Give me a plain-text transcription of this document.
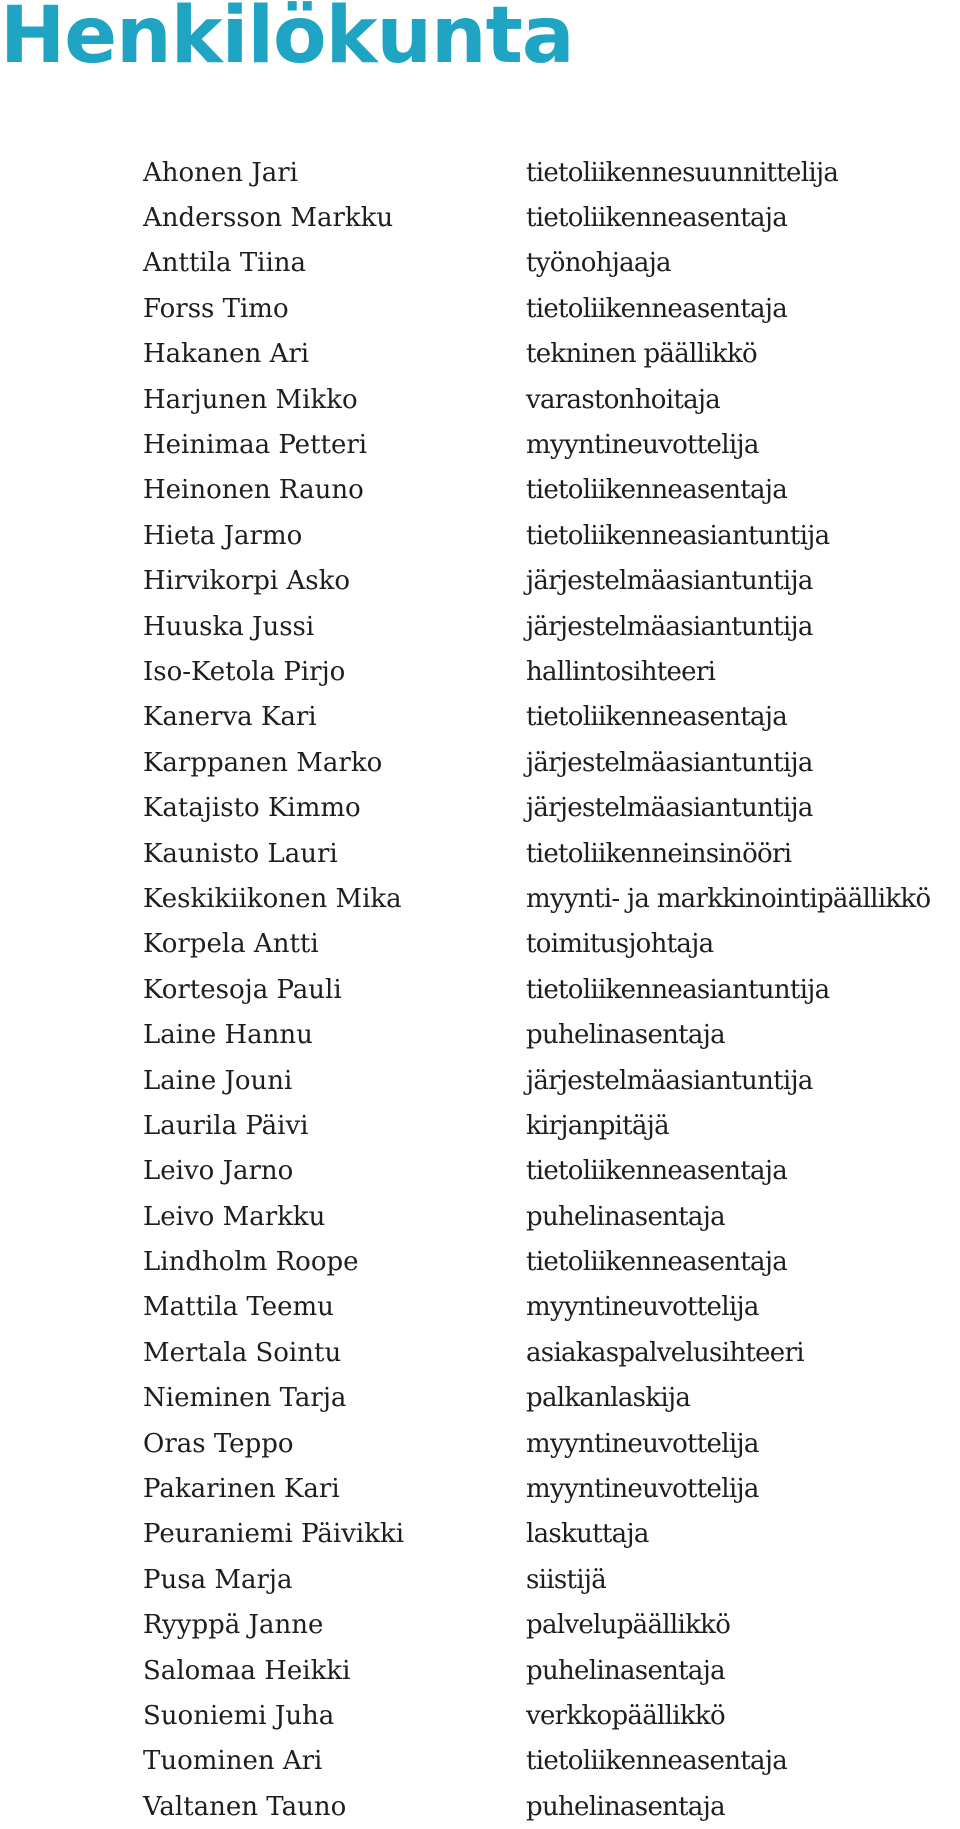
Henkilökunta
Ahonen Jari	tietoliikennesuunnittelija
Andersson Markku	tietoliikenneasentaja
Anttila Tiina	työnohjaaja
Forss Timo	tietoliikenneasentaja
Hakanen Ari	tekninen päällikkö
Harjunen Mikko	varastonhoitaja
Heinimaa Petteri	myyntineuvottelija
Heinonen Rauno	tietoliikenneasentaja
Hieta Jarmo	tietoliikenneasiantuntija
Hirvikorpi Asko	järjestelmäasiantuntija
Huuska Jussi	järjestelmäasiantuntija
Iso-Ketola Pirjo	hallintosihteeri
Kanerva Kari	tietoliikenneasentaja
Karppanen Marko	järjestelmäasiantuntija
Katajisto Kimmo	järjestelmäasiantuntija
Kaunisto Lauri	tietoliikenneinsinööri
Keskikiikonen Mika	myynti- ja markkinointipäällikkö
Korpela Antti	toimitusjohtaja
Kortesoja Pauli	tietoliikenneasiantuntija
Laine Hannu	puhelinasentaja
Laine Jouni	järjestelmäasiantuntija
Laurila Päivi	kirjanpitäjä
Leivo Jarno	tietoliikenneasentaja
Leivo Markku	puhelinasentaja
Lindholm Roope	tietoliikenneasentaja
Mattila Teemu	myyntineuvottelija
Mertala Sointu	asiakaspalvelusihteeri
Nieminen Tarja	palkanlaskija
Oras Teppo	myyntineuvottelija
Pakarinen Kari	myyntineuvottelija
Peuraniemi Päivikki	laskuttaja
Pusa Marja	siistijä
Ryyppä Janne	palvelupäällikkö
Salomaa Heikki	puhelinasentaja
Suoniemi Juha	verkkopäällikkö
Tuominen Ari	tietoliikenneasentaja
Valtanen Tauno	puhelinasentaja
